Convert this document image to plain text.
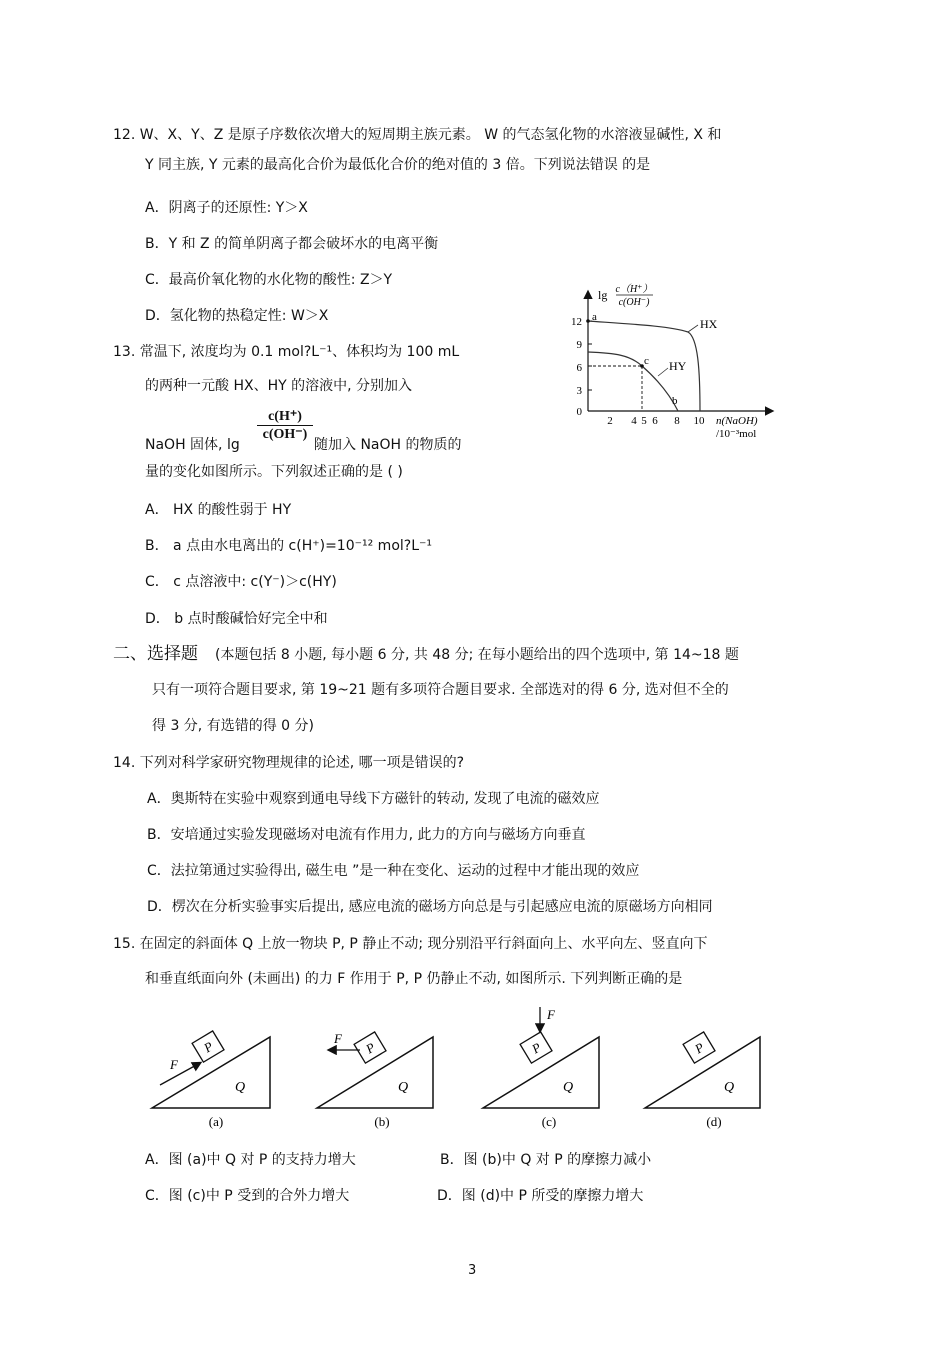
12. W、X、Y、Z 是原子序数依次增大的短周期主族元素。 W 的气态氢化物的水溶液显碱性, X 和
Y 同主族, Y 元素的最高化合价为最低化合价的绝对值的 3 倍。下列说法错误 的是
A．阴离子的还原性: Y＞X
B．Y 和 Z 的简单阴离子都会破坏水的电离平衡
C．最高价氧化物的水化物的酸性: Z＞Y
D．氢化物的热稳定性: W＞X
13. 常温下, 浓度均为 0.1 mol?L⁻¹、体积均为 100 mL
的两种一元酸 HX、HY 的溶液中, 分别加入
NaOH 固体, lg
$\frac{c(H^+)}{c(OH^-)}$
随加入 NaOH 的物质的
量的变化如图所示。下列叙述正确的是 ( )
A． HX 的酸性弱于 HY
B． a 点由水电离出的 c(H⁺)=10⁻¹² mol?L⁻¹
C． c 点溶液中: c(Y⁻)＞c(HY)
D． b 点时酸碱恰好完全中和
lg c（H⁺）
c(OH⁻)
12
9
6
3
0
2 4 5 6 8 10 n(NaOH)
/10⁻³mol
HX
HY
a
c
b
二、选择题 (本题包括 8 小题, 每小题 6 分, 共 48 分; 在每小题给出的四个选项中, 第 14~18 题
只有一项符合题目要求, 第 19~21 题有多项符合题目要求. 全部选对的得 6 分, 选对但不全的
得 3 分, 有选错的得 0 分)
14. 下列对科学家研究物理规律的论述, 哪一项是错误的?
A．奥斯特在实验中观察到通电导线下方磁针的转动, 发现了电流的磁效应
B．安培通过实验发现磁场对电流有作用力, 此力的方向与磁场方向垂直
C．法拉第通过实验得出, 磁生电 ”是一种在变化、运动的过程中才能出现的效应
D．楞次在分析实验事实后提出, 感应电流的磁场方向总是与引起感应电流的原磁场方向相同
15. 在固定的斜面体 Q 上放一物块 P, P 静止不动; 现分别沿平行斜面向上、水平向左、竖直向下
和垂直纸面向外 (未画出) 的力 F 作用于 P, P 仍静止不动, 如图所示. 下列判断正确的是
P
F
Q
(a)
P
F
Q
(b)
P
F
Q
(c)
P
Q
(d)
A．图 (a)中 Q 对 P 的支持力增大	B．图 (b)中 Q 对 P 的摩擦力减小
C．图 (c)中 P 受到的合外力增大	D．图 (d)中 P 所受的摩擦力增大
3
